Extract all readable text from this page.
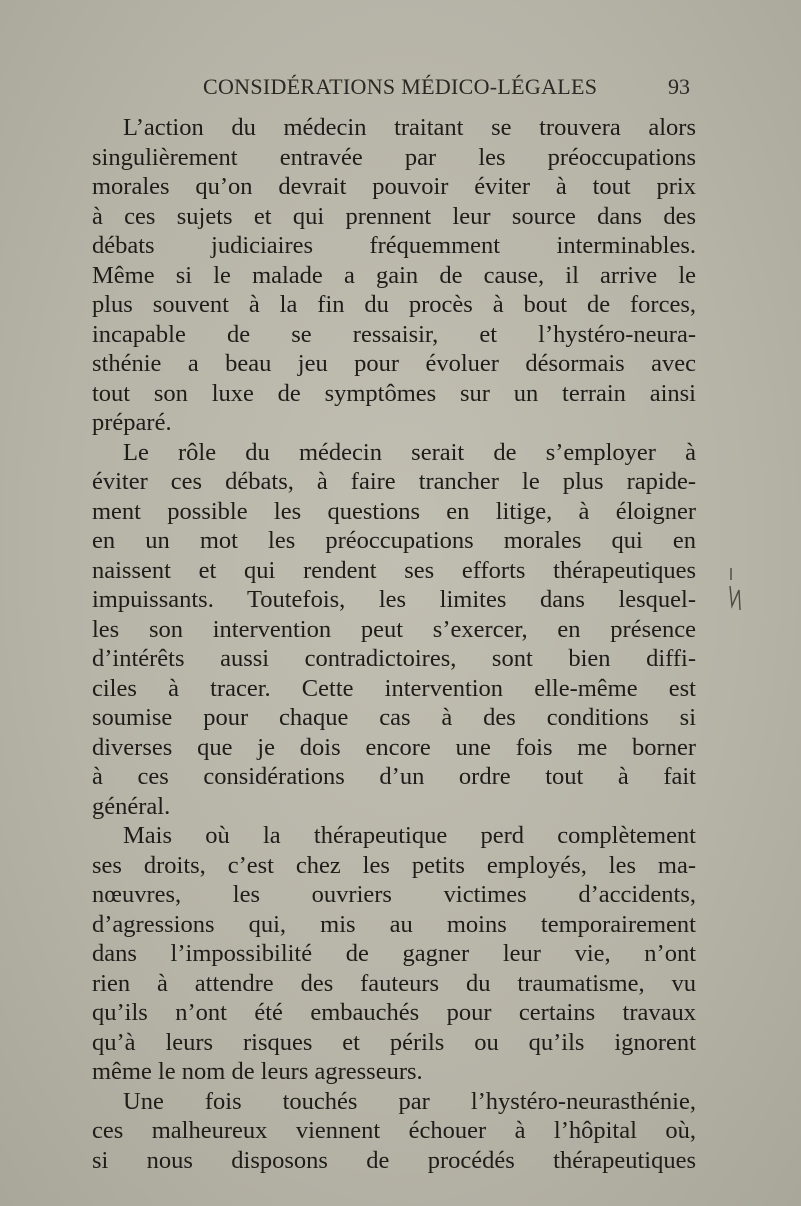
CONSIDÉRATIONS MÉDICO-LÉGALES	93
L’action du médecin traitant se trouvera alors
singulièrement entravée par les préoccupations
morales qu’on devrait pouvoir éviter à tout prix
à ces sujets et qui prennent leur source dans des
débats judiciaires fréquemment interminables.
Même si le malade a gain de cause, il arrive le
plus souvent à la fin du procès à bout de forces,
incapable de se ressaisir, et l’hystéro-neura-
sthénie a beau jeu pour évoluer désormais avec
tout son luxe de symptômes sur un terrain ainsi
préparé.
Le rôle du médecin serait de s’employer à
éviter ces débats, à faire trancher le plus rapide-
ment possible les questions en litige, à éloigner
en un mot les préoccupations morales qui en
naissent et qui rendent ses efforts thérapeutiques
impuissants. Toutefois, les limites dans lesquel-
les son intervention peut s’exercer, en présence
d’intérêts aussi contradictoires, sont bien diffi-
ciles à tracer. Cette intervention elle-même est
soumise pour chaque cas à des conditions si
diverses que je dois encore une fois me borner
à ces considérations d’un ordre tout à fait
général.
Mais où la thérapeutique perd complètement
ses droits, c’est chez les petits employés, les ma-
nœuvres, les ouvriers victimes d’accidents,
d’agressions qui, mis au moins temporairement
dans l’impossibilité de gagner leur vie, n’ont
rien à attendre des fauteurs du traumatisme, vu
qu’ils n’ont été embauchés pour certains travaux
qu’à leurs risques et périls ou qu’ils ignorent
même le nom de leurs agresseurs.
Une fois touchés par l’hystéro-neurasthénie,
ces malheureux viennent échouer à l’hôpital où,
si nous disposons de procédés thérapeutiques
